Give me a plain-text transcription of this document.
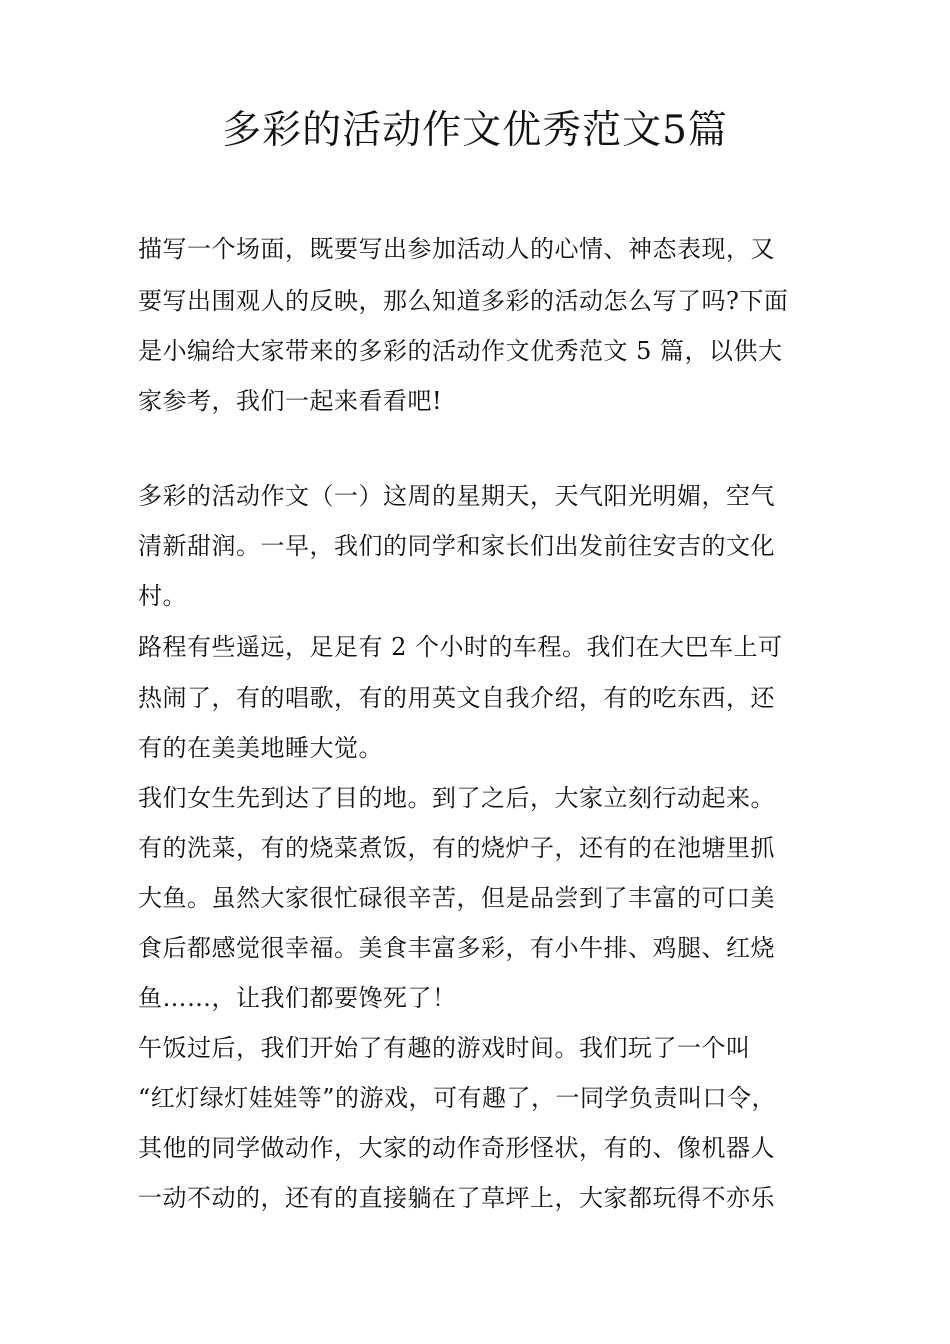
多彩的活动作文优秀范文5篇
描写一个场面，既要写出参加活动人的心情、神态表现，又
要写出围观人的反映，那么知道多彩的活动怎么写了吗?下面
是小编给大家带来的多彩的活动作文优秀范文 5 篇，以供大
家参考，我们一起来看看吧!
多彩的活动作文（一）这周的星期天，天气阳光明媚，空气
清新甜润。一早，我们的同学和家长们出发前往安吉的文化
村。
路程有些遥远，足足有 2 个小时的车程。我们在大巴车上可
热闹了，有的唱歌，有的用英文自我介绍，有的吃东西，还
有的在美美地睡大觉。
我们女生先到达了目的地。到了之后，大家立刻行动起来。
有的洗菜，有的烧菜煮饭，有的烧炉子，还有的在池塘里抓
大鱼。虽然大家很忙碌很辛苦，但是品尝到了丰富的可口美
食后都感觉很幸福。美食丰富多彩，有小牛排、鸡腿、红烧
鱼……，让我们都要馋死了！
午饭过后，我们开始了有趣的游戏时间。我们玩了一个叫
“红灯绿灯娃娃等”的游戏，可有趣了，一同学负责叫口令，
其他的同学做动作，大家的动作奇形怪状，有的、像机器人
一动不动的，还有的直接躺在了草坪上，大家都玩得不亦乐
